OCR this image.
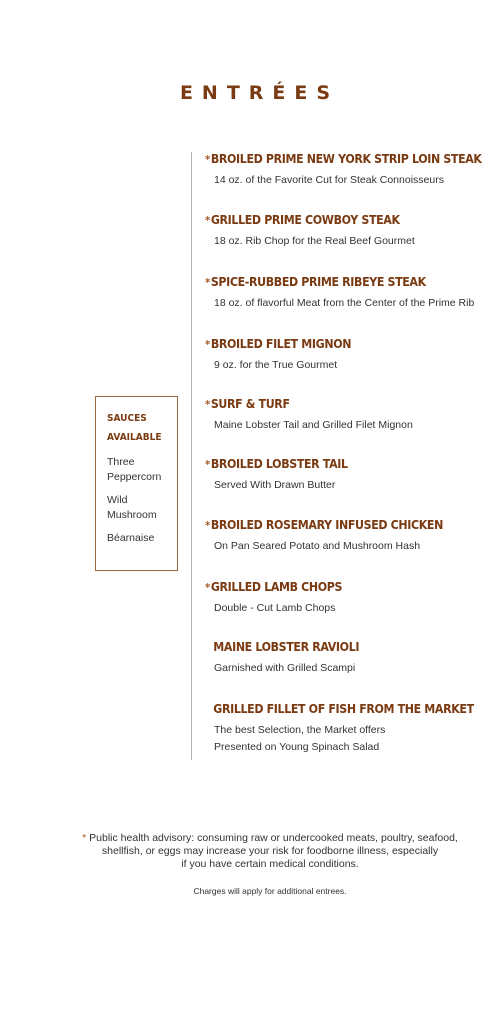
ENTRÉES
*BROILED PRIME NEW YORK STRIP LOIN STEAK
14 oz. of the Favorite Cut for Steak Connoisseurs
*GRILLED PRIME COWBOY STEAK
18 oz. Rib Chop for the Real Beef Gourmet
*SPICE-RUBBED PRIME RIBEYE STEAK
18 oz. of flavorful Meat from the Center of the Prime Rib
*BROILED FILET MIGNON
9 oz. for the True Gourmet
*SURF & TURF
Maine Lobster Tail and Grilled Filet Mignon
*BROILED LOBSTER TAIL
Served With Drawn Butter
*BROILED ROSEMARY INFUSED CHICKEN
On Pan Seared Potato and Mushroom Hash
*GRILLED LAMB CHOPS
Double - Cut Lamb Chops
MAINE LOBSTER RAVIOLI
Garnished with Grilled Scampi
GRILLED FILLET OF FISH FROM THE MARKET
The best Selection, the Market offers
Presented on Young Spinach Salad
SAUCES
AVAILABLE
Three Peppercorn
Wild Mushroom
Béarnaise
* Public health advisory: consuming raw or undercooked meats, poultry, seafood,
shellfish, or eggs may increase your risk for foodborne illness, especially
if you have certain medical conditions.
Charges will apply for additional entrees.
